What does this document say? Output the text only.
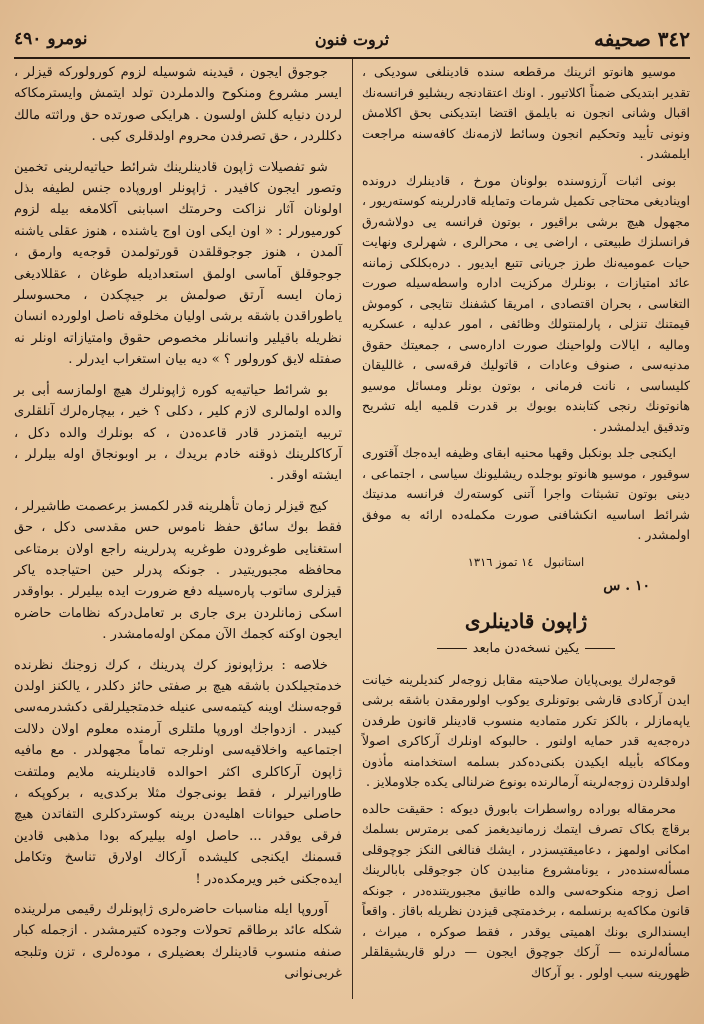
نومرو ٤٩٠	ثروت فنون	٣٤٢ صحيفه

موسيو هانوتو اثرینك مرقطعه سنده قادینلغی سوديکی ، تقدیر ابتدیکی ضمناً اکلاتیور . اونك اعتقادنجه ریشلیو فرانسه‌نك اقبال وشانی انجون نه بایلمق اقتضا ابتدیکنی بحق اکلامش ونونی تأیید وتحکیم انجون وسائط لازمه‌نك کافه‌سنه مراجعت ایلمشدر .

بونی اثبات آرزوسنده بولونان مورخ ، قادینلرك درونده اویناديغی محتاجی تکمیل شرمات وتمایله قادرلرینه کوسته‌ریور ، مجهول هیچ برشی براقیور ، بوتون فرانسه‌ یی دولاشه‌رق فرانسلزك طبیعتی ، اراضی یی ، محرالری ، شهرلری ونهایت حیات عمومیه‌نك طرز جریانی تتبع ایدیور . دره‌بکلکی زماننه عائد امتیازات ، بونلرك مرکزیت اداره واسطه‌سیله صورت التغاسی ، بحران اقتصادی ، امریقا کشفنك نتایجی ، کوموش قیمتنك تنزلی ، پارلمنتولك وظائفی ، امور عدلیه ، عسکریه ومالیه ، ایالات ولواحینك صورت اداره‌سی ، جمعیتك حقوق مدنیه‌سی ، صنوف وعادات ، قاتولیك فرقه‌سی ، غاللیقان کلیساسی ، نانت فرمانی ، بوتون بونلر ومسائل موسیو هانوتونك رنجی کتابنده بوبوك بر قدرت قلمیه ایله تشریح وتدقیق ایدلمشدر .

ایکنجی جلد بونکبل وقهبا محنیه ابقای وظیفه ایده‌جك آقتوری سوقیور ، موسیو هانوتو بوجلده ریشلیونك سیاسی ، اجتماعی ، دینی بوتون تشبثات واجرا آتنی کوسته‌رك فرانسه مدنیتك شرائط اساسیه انکشافنی صورت مکمله‌ده ارائه به موفق اولمشدر .

١٤ تموز ١٣١٦ استانبول
١٠ . س
ژاپون قادینلری
یکین نسخه‌دن مابعد

قوجه‌لرك یوبی‌پایان صلاحیته مقابل زوجه‌لر کندیلرینه خیانت ایدن آرکادی قارشی بوتونلری یوکوب اولورمقدن باشقه برشی یاپه‌مازلر ، بالکز تکرر متمادیه منسوب قادینلر قانون طرفدن دره‌جه‌یه قدر حمایه اولنور . حالبوکه اونلرك آرکاکری اصولاً ومکاکه بأبیله ایکیدن بکنی‌ده‌کدر بسلمه استخدامنه مأذون اولدقلردن زوجه‌لرینه آرمالرنده بونوع ضرلنالی یکده جلاوملایز .

محرمقاله بوراده رواسطرات بابورق دیوکه : حقیقت حالده برقاچ بکاک تصرف ایتمك زرمانیدیغمز کمی برمترس بسلمك امکانی اولمهز ، دعامیقتیسزدر ، ایشك فنالغی النکز جوچوقلی مسأله‌سنده‌در ، یونامشروع منابیدن کان جوجوقلی بابالرینك اصل زوجه منکوحه‌سی والده طانیق مجبوریتنده‌در ، جونکه قانون مکاکه‌یه برنسلمه ، برخدمتچی قیزدن نظریله باقاز . واقعاً ایسندالری بونك اهمیتی یوقدر ، فقط صوکره ، میراث ، مسأله‌لرنده — آرکك جوچوق ایجون — درلو قاریشیقلقلر ظهورینه سبب اولور . بو آرکاك

جوجوق ایجون ، قیدینه شوسیله لزوم کورولورکه قیزلر ، ایسر مشروع ومنکوح والدملردن تولد ایتمش وایسترمکاکه لردن دنیایه کلش اولسون . هرایکی صورتده حق وراثته مالك دکللردر ، حق تصرفدن محروم اولدقلری کبی .

شو تفصیلات ژاپون قادینلرینك شرائط حیاتیه‌لرینی تخمین وتصور ایجون کافیدر . ژاپونلر اوروپاده جنس لطیفه بذل اولونان آثار نزاکت وحرمتك اسبابنی آکلامغه بیله لزوم کورمیورلر : « اون ایکی اون اوج یاشنده ، هنوز عقلی یاشنه آلمدن ، هنوز جوجوقلقدن قورتولمدن قوجه‌یه وارمق ، جوجوقلق آماسی اولمق استعدادیله طوغان ، عقللاديغی زمان ایسه آرتق صولمش بر جیچکدن ، محسوسلر یاطوراقدن باشقه برشی اولیان مخلوقه ناصل اولورده انسان نظریله باقیلیر وانسانلر مخصوص حقوق وامتیازاته اونلر نه صفتله لایق کورولور ؟ » دیه بیان استغراب ایدرلر .

بو شرائط حیاتیه‌یه کوره ژاپونلرك هیچ اولمازسه أبی بر والده اولمالری لازم کلیر ، دکلی ؟ خیر ، بیچاره‌لرك آنلقلری تربیه ایتمزدر قادر قاعده‌دن ، که بونلرك والده دکل ، آرکاکلرینك ذوقنه خادم بریدك ، بر اوبونجاق اوله بیلرلر ، ایشته اوقدر .

کیج قیزلر زمان تأهلرینه قدر لکمسز برعصمت طاشیرلر ، فقط بوك سائق حفظ ناموس حس مقدسی دکل ، حق استغنایی طوغرودن طوغریه پدرلرینه راجع اولان برمتاعی محافظه مجبوریتیدر . جونکه پدرلر حین احتیاجده یاکر قیزلری ساتوب پاره‌سیله دفع ضرورت ایده بیلیرلر . بواوقدر اسکی زمانلردن بری جاری بر تعامل‌درکه نظامات حاضره ایجون اوکنه کجمك الآن ممکن اوله‌مامشدر .

خلاصه : برژاپونوز کرك پدرینك ، کرك زوجنك نظرنده خدمتجیلکدن باشقه هیچ بر صفتی حائز دکلدر ، یالکنز اولدن قوجه‌سنك اوینه کیتمه‌سی عنیله خدمتجیلرلقی دکشدرمه‌سی کیبدر . ازدواجك اوروپا ملتلری آرمنده معلوم اولان دلالت اجتماعیه واخلاقیه‌سی اونلرجه تماماً مجهولدر . مع مافیه ژاپون آرکاکلری اکثر احوالده قادینلرینه ملایم وملتفت طاورانیرلر ، فقط بونی‌جوك مثلا برکدی‌یه ، برکوپکه ، حاصلی حیوانات اهلیه‌دن برینه کوستردکلری التفاتدن هیچ فرقی یوقدر ... حاصل اوله بیلیرکه بودا مذهبی قادین قسمنك ایکنجی کلیشده آرکاك اولارق تناسخ وتکامل ایده‌جکنی خبر ویرمکده‌در !

آوروپا ایله مناسبات حاضره‌لری ژاپونلرك رقیمی مرلرینده شکله عائد برطاقم تحولات وجوده کتیرمشدر . ازجمله کبار صنفه منسوب قادینلرك بعضیلری ، موده‌لری ، تزن وتلبجه غربی‌نوانی
